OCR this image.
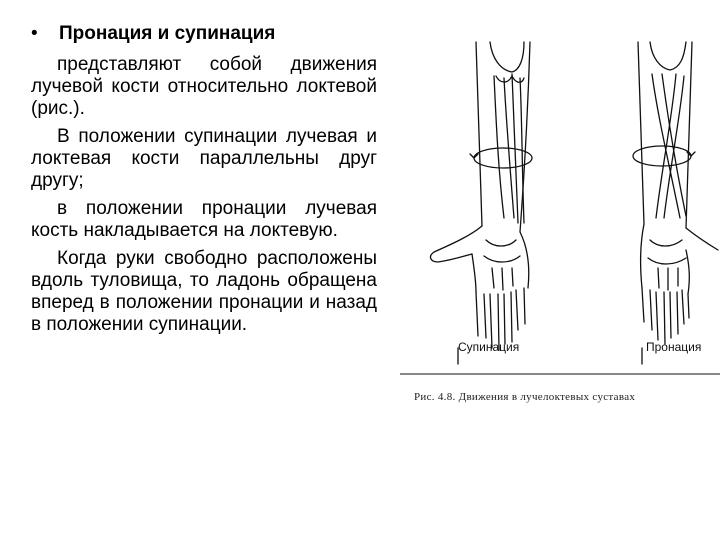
•	Пронация и супинация

представляют собой движения лучевой кости относительно локтевой (рис.).

В положении супинации лучевая и локтевая кости параллельны друг другу;

в положении пронации лучевая кость накладывается на локтевую.

Когда руки свободно расположены вдоль туловища, то ладонь обращена вперед в положении пронации и назад в положении супинации.

Супинация	Пронация
Рис. 4.8. Движения в лучелоктевых суставах
